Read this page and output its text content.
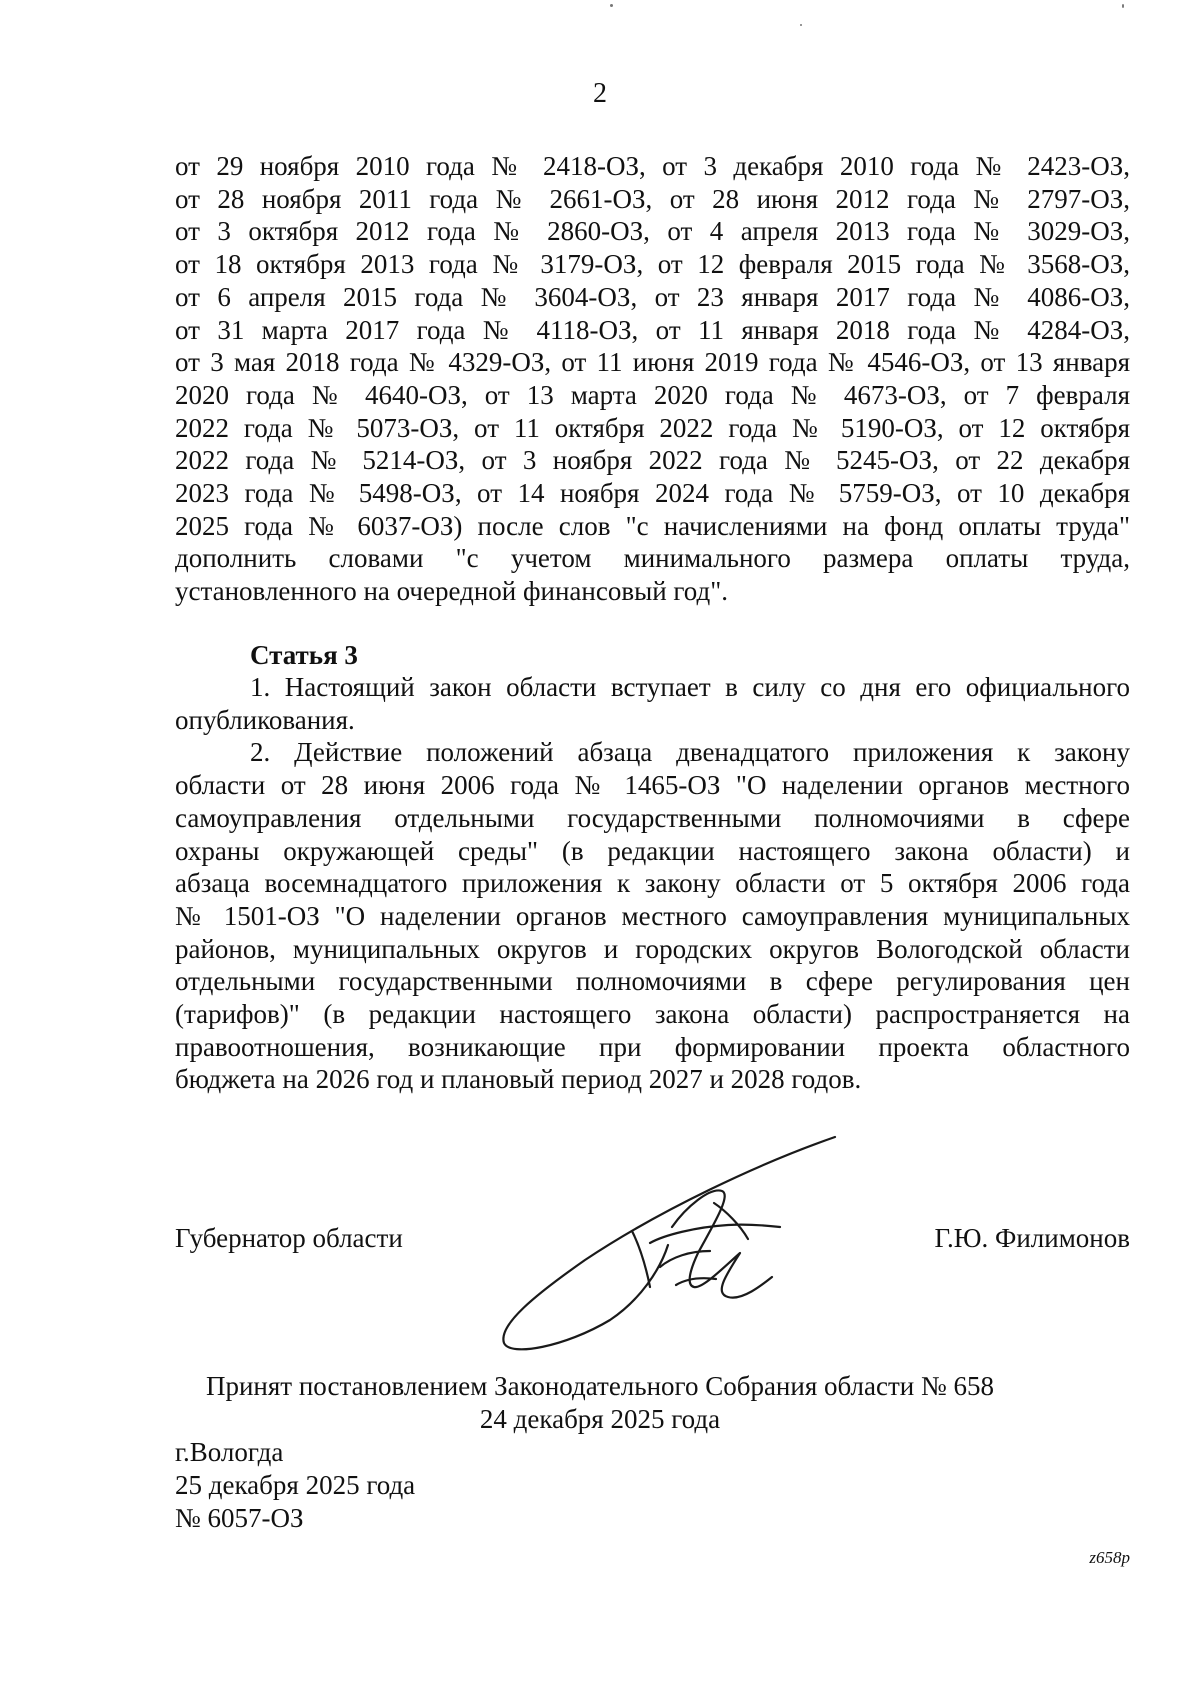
2
от 29 ноября 2010 года № 2418-ОЗ, от 3 декабря 2010 года № 2423-ОЗ,
от 28 ноября 2011 года № 2661-ОЗ, от 28 июня 2012 года № 2797-ОЗ,
от 3 октября 2012 года № 2860-ОЗ, от 4 апреля 2013 года № 3029-ОЗ,
от 18 октября 2013 года № 3179-ОЗ, от 12 февраля 2015 года № 3568-ОЗ,
от 6 апреля 2015 года № 3604-ОЗ, от 23 января 2017 года № 4086-ОЗ,
от 31 марта 2017 года № 4118-ОЗ, от 11 января 2018 года № 4284-ОЗ,
от 3 мая 2018 года № 4329-ОЗ, от 11 июня 2019 года № 4546-ОЗ, от 13 января
2020 года № 4640-ОЗ, от 13 марта 2020 года № 4673-ОЗ, от 7 февраля
2022 года № 5073-ОЗ, от 11 октября 2022 года № 5190-ОЗ, от 12 октября
2022 года № 5214-ОЗ, от 3 ноября 2022 года № 5245-ОЗ, от 22 декабря
2023 года № 5498-ОЗ, от 14 ноября 2024 года № 5759-ОЗ, от 10 декабря
2025 года № 6037-ОЗ) после слов "с начислениями на фонд оплаты труда"
дополнить словами "с учетом минимального размера оплаты труда,
установленного на очередной финансовый год".
Статья 3
1. Настоящий закон области вступает в силу со дня его официального
опубликования.
2. Действие положений абзаца двенадцатого приложения к закону
области от 28 июня 2006 года № 1465-ОЗ "О наделении органов местного
самоуправления отдельными государственными полномочиями в сфере
охраны окружающей среды" (в редакции настоящего закона области) и
абзаца восемнадцатого приложения к закону области от 5 октября 2006 года
№ 1501-ОЗ "О наделении органов местного самоуправления муниципальных
районов, муниципальных округов и городских округов Вологодской области
отдельными государственными полномочиями в сфере регулирования цен
(тарифов)" (в редакции настоящего закона области) распространяется на
правоотношения, возникающие при формировании проекта областного
бюджета на 2026 год и плановый период 2027 и 2028 годов.
Губернатор области	Г.Ю. Филимонов
Принят постановлением Законодательного Собрания области № 658
24 декабря 2025 года
г.Вологда
25 декабря 2025 года
№ 6057-ОЗ
z658p
